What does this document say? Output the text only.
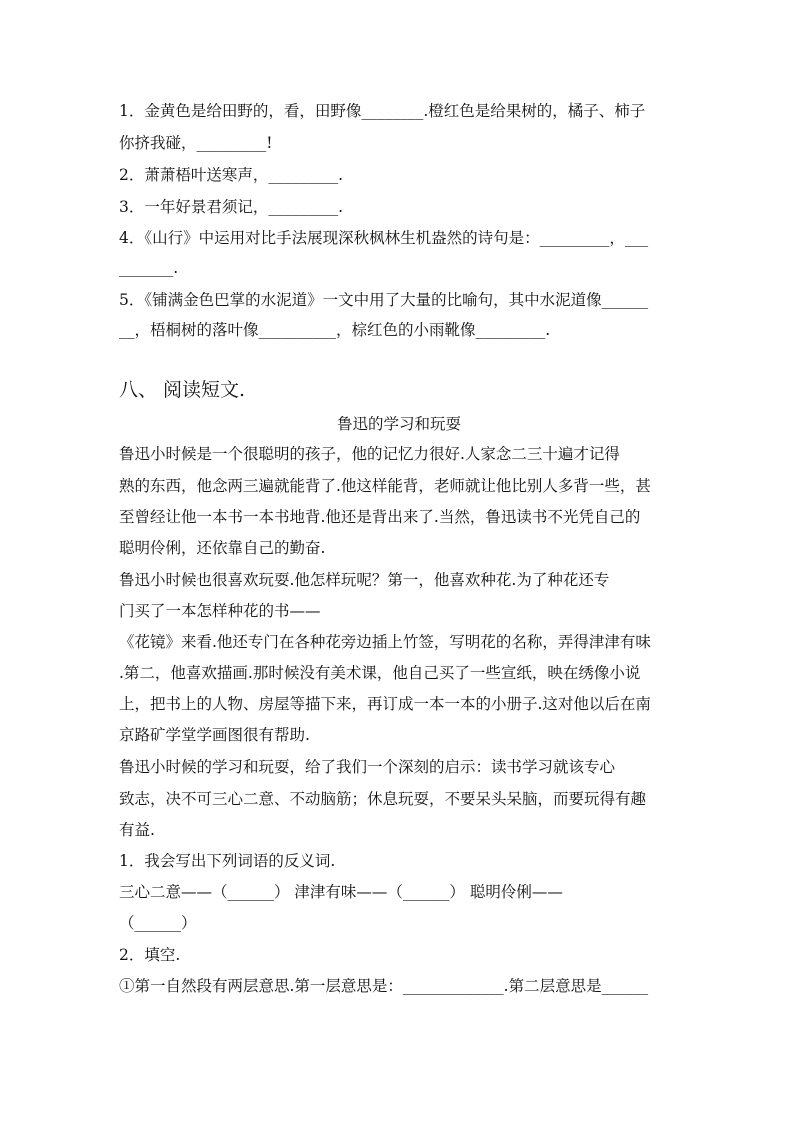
1．金黄色是给田野的，看，田野像________.橙红色是给果树的，橘子、柿子
你挤我碰，_________!
2．萧萧梧叶送寒声，_________.
3．一年好景君须记，_________.
4．《山行》中运用对比手法展现深秋枫林生机盎然的诗句是：_________，___
_______.
5．《铺满金色巴掌的水泥道》一文中用了大量的比喻句，其中水泥道像______
__，梧桐树的落叶像__________，棕红色的小雨靴像_________.
八、 阅读短文.
鲁迅的学习和玩耍
鲁迅小时候是一个很聪明的孩子，他的记忆力很好.人家念二三十遍才记得
熟的东西，他念两三遍就能背了.他这样能背，老师就让他比别人多背一些，甚
至曾经让他一本书一本书地背.他还是背出来了.当然，鲁迅读书不光凭自己的
聪明伶俐，还依靠自己的勤奋.
鲁迅小时候也很喜欢玩耍.他怎样玩呢？第一，他喜欢种花.为了种花还专
门买了一本怎样种花的书——
《花镜》来看.他还专门在各种花旁边插上竹签，写明花的名称，弄得津津有味
.第二，他喜欢描画.那时候没有美术课，他自己买了一些宣纸，映在绣像小说
上，把书上的人物、房屋等描下来，再订成一本一本的小册子.这对他以后在南
京路矿学堂学画图很有帮助.
鲁迅小时候的学习和玩耍，给了我们一个深刻的启示：读书学习就该专心
致志，决不可三心二意、不动脑筋；休息玩耍，不要呆头呆脑，而要玩得有趣
有益.
1．我会写出下列词语的反义词.
三心二意——（______） 津津有味——（______） 聪明伶俐——
（______）
2．填空.
①第一自然段有两层意思.第一层意思是：_____________.第二层意思是______
